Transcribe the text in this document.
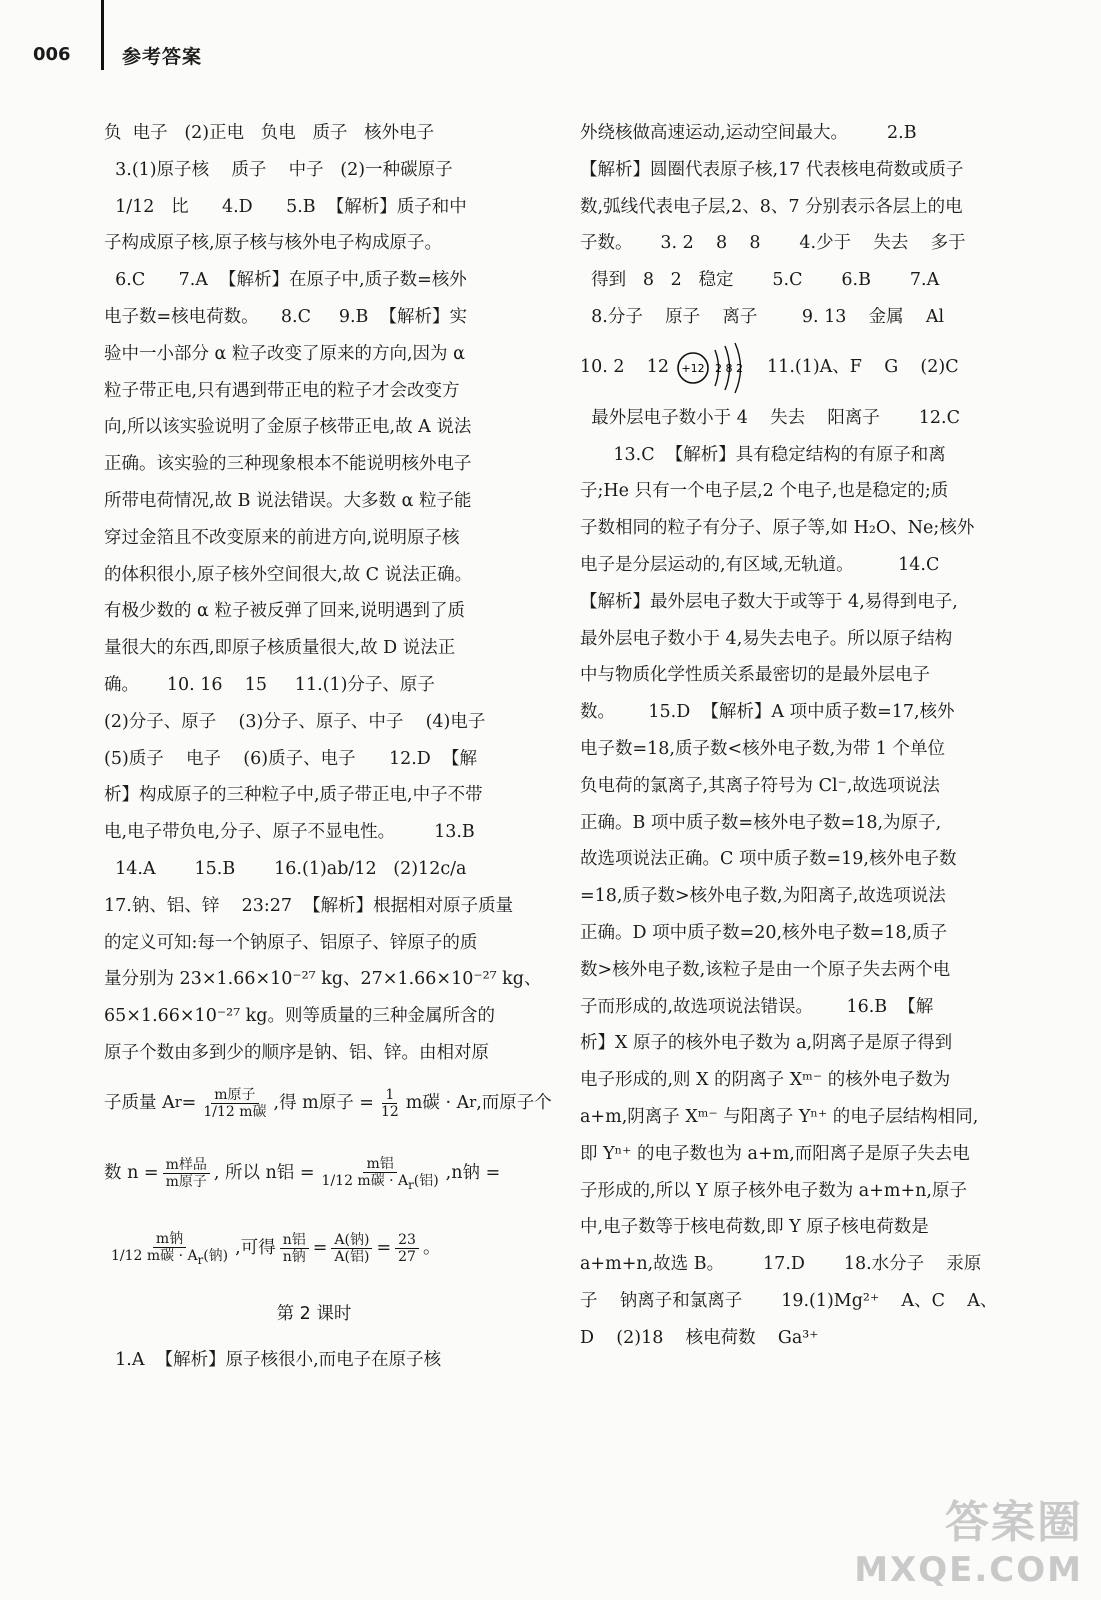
006	参考答案
负  电子   (2)正电   负电   质子   核外电子
3.(1)原子核    质子    中子   (2)一种碳原子
1/12   比      4.D      5.B  【解析】质子和中
子构成原子核,原子核与核外电子构成原子。
6.C      7.A  【解析】在原子中,质子数=核外
电子数=核电荷数。    8.C     9.B  【解析】实
验中一小部分 α 粒子改变了原来的方向,因为 α
粒子带正电,只有遇到带正电的粒子才会改变方
向,所以该实验说明了金原子核带正电,故 A 说法
正确。该实验的三种现象根本不能说明核外电子
所带电荷情况,故 B 说法错误。大多数 α 粒子能
穿过金箔且不改变原来的前进方向,说明原子核
的体积很小,原子核外空间很大,故 C 说法正确。
有极少数的 α 粒子被反弹了回来,说明遇到了质
量很大的东西,即原子核质量很大,故 D 说法正
确。     10. 16    15     11.(1)分子、原子
(2)分子、原子    (3)分子、原子、中子    (4)电子
(5)质子    电子    (6)质子、电子      12.D  【解
析】构成原子的三种粒子中,质子带正电,中子不带
电,电子带负电,分子、原子不显电性。       13.B
14.A       15.B       16.(1)ab/12   (2)12c/a
17.钠、铝、锌    23:27  【解析】根据相对原子质量
的定义可知:每一个钠原子、铝原子、锌原子的质
量分别为 23×1.66×10⁻²⁷ kg、27×1.66×10⁻²⁷ kg、
65×1.66×10⁻²⁷ kg。则等质量的三种金属所含的
原子个数由多到少的顺序是钠、铝、锌。由相对原
子质量 A $r = \frac{\text{m原子}}{\text{1/12 m碳}}$ ,得 m原子 = $\frac{1}{12}$ m碳 · A r ,而原子个
数 $n = \frac{\text{m样品}}{\text{m原子}}$ , 所以 n铝 = $\frac{\text{m铝}}{1/12 m碳 \cdot A_r(铝)} ,n$钠 =
$\frac{\text{m钠}}{1/12 m碳 \cdot A_r(钠)}$ ,可得 $\frac{\text{n铝}}{\text{n钠}} = \frac{\text{A(钠)}}{\text{A(铝)}} = \frac{23}{27}$ 。
第 2 课时
1.A  【解析】原子核很小,而电子在原子核
外绕核做高速运动,运动空间最大。       2.B
【解析】圆圈代表原子核,17 代表核电荷数或质子
数,弧线代表电子层,2、8、7 分别表示各层上的电
子数。     3. 2    8    8       4.少于    失去    多于
得到   8   2   稳定       5.C       6.B       7.A
8.分子    原子    离子        9. 13    金属    Al
10. 2    12 +12 2 8 2 11.(1)A、F    G    (2)C
最外层电子数小于 4    失去    阳离子       12.C
13.C  【解析】具有稳定结构的有原子和离
子;He 只有一个电子层,2 个电子,也是稳定的;质
子数相同的粒子有分子、原子等,如 H₂O、Ne;核外
电子是分层运动的,有区域,无轨道。        14.C
【解析】最外层电子数大于或等于 4,易得到电子,
最外层电子数小于 4,易失去电子。所以原子结构
中与物质化学性质关系最密切的是最外层电子
数。      15.D  【解析】A 项中质子数=17,核外
电子数=18,质子数<核外电子数,为带 1 个单位
负电荷的氯离子,其离子符号为 Cl⁻,故选项说法
正确。B 项中质子数=核外电子数=18,为原子,
故选项说法正确。C 项中质子数=19,核外电子数
=18,质子数>核外电子数,为阳离子,故选项说法
正确。D 项中质子数=20,核外电子数=18,质子
数>核外电子数,该粒子是由一个原子失去两个电
子而形成的,故选项说法错误。      16.B  【解
析】X 原子的核外电子数为 a,阴离子是原子得到
电子形成的,则 X 的阴离子 Xᵐ⁻ 的核外电子数为
a+m,阴离子 Xᵐ⁻ 与阳离子 Yⁿ⁺ 的电子层结构相同,
即 Yⁿ⁺ 的电子数也为 a+m,而阳离子是原子失去电
子形成的,所以 Y 原子核外电子数为 a+m+n,原子
中,电子数等于核电荷数,即 Y 原子核电荷数是
a+m+n,故选 B。       17.D       18.水分子    汞原
子    钠离子和氯离子       19.(1)Mg²⁺    A、C    A、
D    (2)18    核电荷数    Ga³⁺
答案圈
MXQE.COM
